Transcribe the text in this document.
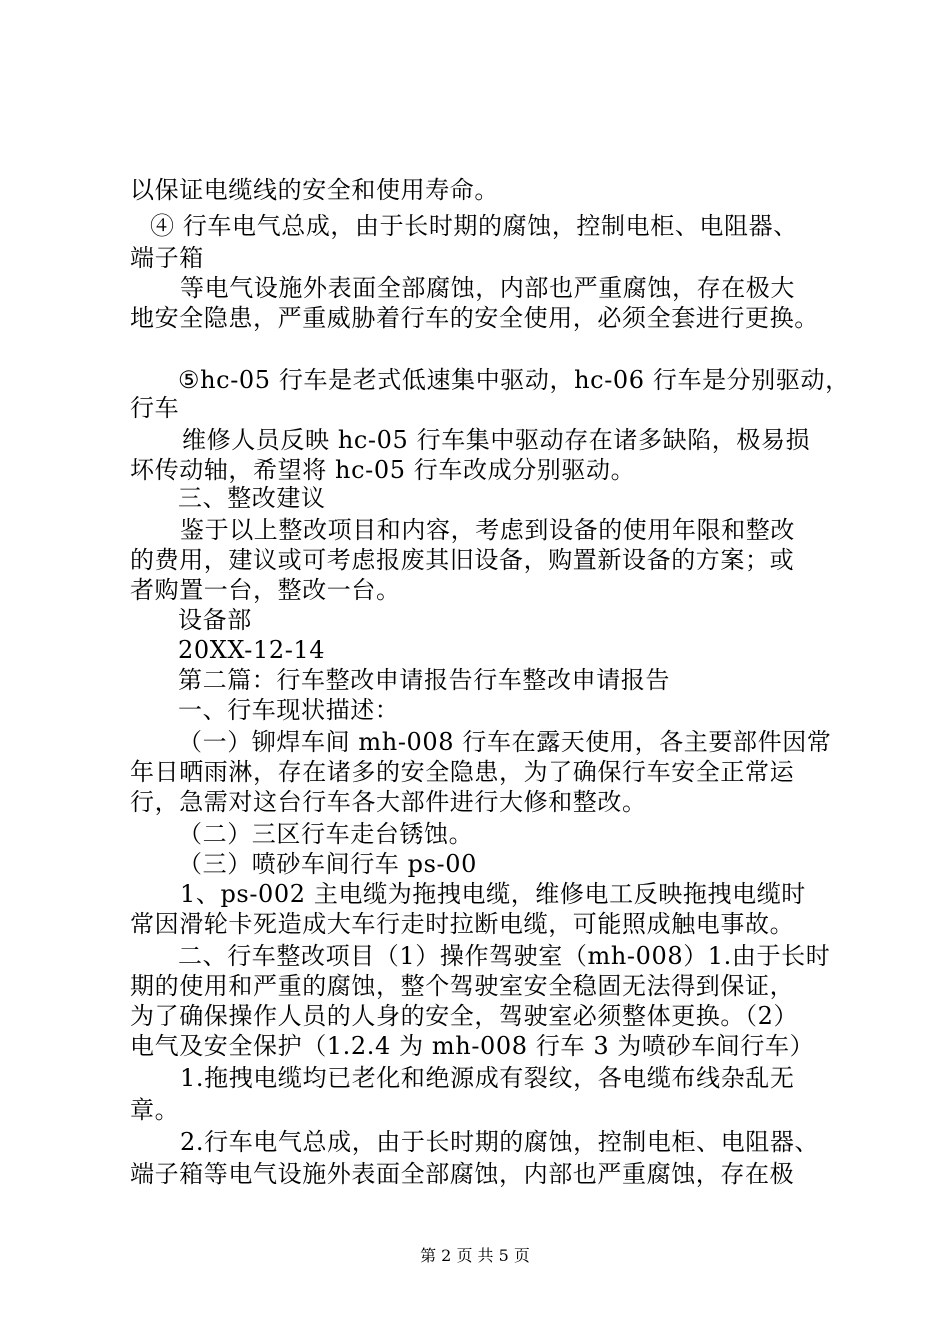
以保证电缆线的安全和使用寿命。
④ 行车电气总成，由于长时期的腐蚀，控制电柜、电阻器、
端子箱
等电气设施外表面全部腐蚀，内部也严重腐蚀，存在极大
地安全隐患，严重威胁着行车的安全使用，必须全套进行更换。
⑤hc-05 行车是老式低速集中驱动，hc-06 行车是分别驱动，
行车
维修人员反映 hc-05 行车集中驱动存在诸多缺陷，极易损
坏传动轴，希望将 hc-05 行车改成分别驱动。
三、整改建议
鉴于以上整改项目和内容，考虑到设备的使用年限和整改
的费用，建议或可考虑报废其旧设备，购置新设备的方案；或
者购置一台，整改一台。
设备部
20XX-12-14
第二篇：行车整改申请报告行车整改申请报告
一、行车现状描述：
（一）铆焊车间 mh-008 行车在露天使用，各主要部件因常
年日晒雨淋，存在诸多的安全隐患，为了确保行车安全正常运
行，急需对这台行车各大部件进行大修和整改。
（二）三区行车走台锈蚀。
（三）喷砂车间行车 ps-00
1、ps-002 主电缆为拖拽电缆，维修电工反映拖拽电缆时
常因滑轮卡死造成大车行走时拉断电缆，可能照成触电事故。
二、行车整改项目（1）操作驾驶室（mh-008）1.由于长时
期的使用和严重的腐蚀，整个驾驶室安全稳固无法得到保证，
为了确保操作人员的人身的安全，驾驶室必须整体更换。（2）
电气及安全保护（1.2.4 为 mh-008 行车 3 为喷砂车间行车）
1.拖拽电缆均已老化和绝源成有裂纹，各电缆布线杂乱无
章。
2.行车电气总成，由于长时期的腐蚀，控制电柜、电阻器、
端子箱等电气设施外表面全部腐蚀，内部也严重腐蚀，存在极
第 2 页 共 5 页
